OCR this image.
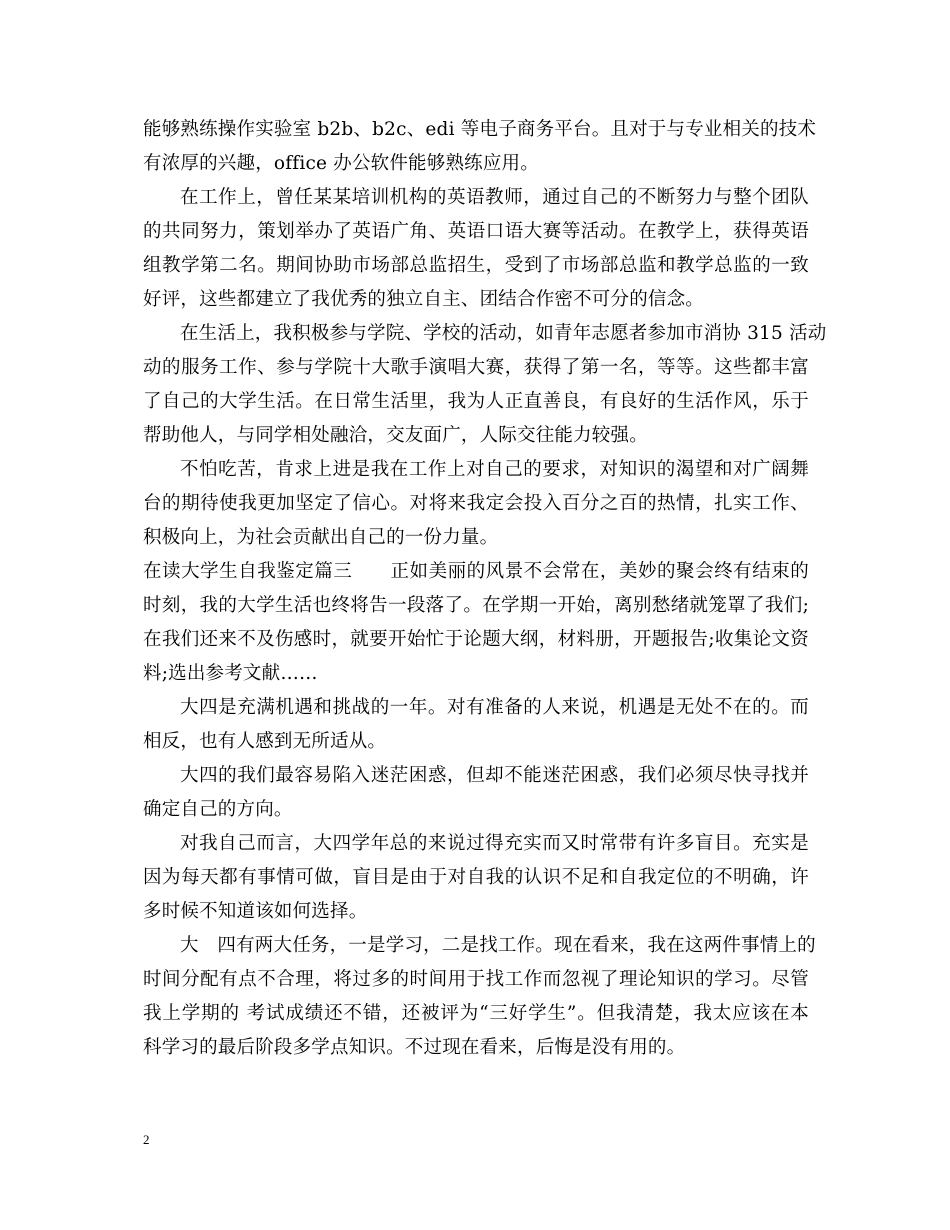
能够熟练操作实验室 b2b、b2c、edi 等电子商务平台。且对于与专业相关的技术
有浓厚的兴趣，office 办公软件能够熟练应用。
在工作上，曾任某某培训机构的英语教师，通过自己的不断努力与整个团队
的共同努力，策划举办了英语广角、英语口语大赛等活动。在教学上，获得英语
组教学第二名。期间协助市场部总监招生，受到了市场部总监和教学总监的一致
好评，这些都建立了我优秀的独立自主、团结合作密不可分的信念。
在生活上，我积极参与学院、学校的活动，如青年志愿者参加市消协 315 活动
动的服务工作、参与学院十大歌手演唱大赛，获得了第一名，等等。这些都丰富
了自己的大学生活。在日常生活里，我为人正直善良，有良好的生活作风，乐于
帮助他人，与同学相处融洽，交友面广，人际交往能力较强。
不怕吃苦，肯求上进是我在工作上对自己的要求，对知识的渴望和对广阔舞
台的期待使我更加坚定了信心。对将来我定会投入百分之百的热情，扎实工作、
积极向上，为社会贡献出自己的一份力量。
在读大学生自我鉴定篇三　　正如美丽的风景不会常在，美妙的聚会终有结束的
时刻，我的大学生活也终将告一段落了。在学期一开始，离别愁绪就笼罩了我们;
在我们还来不及伤感时，就要开始忙于论题大纲，材料册，开题报告;收集论文资
料;选出参考文献……
大四是充满机遇和挑战的一年。对有准备的人来说，机遇是无处不在的。而
相反，也有人感到无所适从。
大四的我们最容易陷入迷茫困惑，但却不能迷茫困惑，我们必须尽快寻找并
确定自己的方向。
对我自己而言，大四学年总的来说过得充实而又时常带有许多盲目。充实是
因为每天都有事情可做，盲目是由于对自我的认识不足和自我定位的不明确，许
多时候不知道该如何选择。
大　四有两大任务，一是学习，二是找工作。现在看来，我在这两件事情上的
时间分配有点不合理，将过多的时间用于找工作而忽视了理论知识的学习。尽管
我上学期的 考试成绩还不错，还被评为“三好学生”。但我清楚，我太应该在本
科学习的最后阶段多学点知识。不过现在看来，后悔是没有用的。
2
